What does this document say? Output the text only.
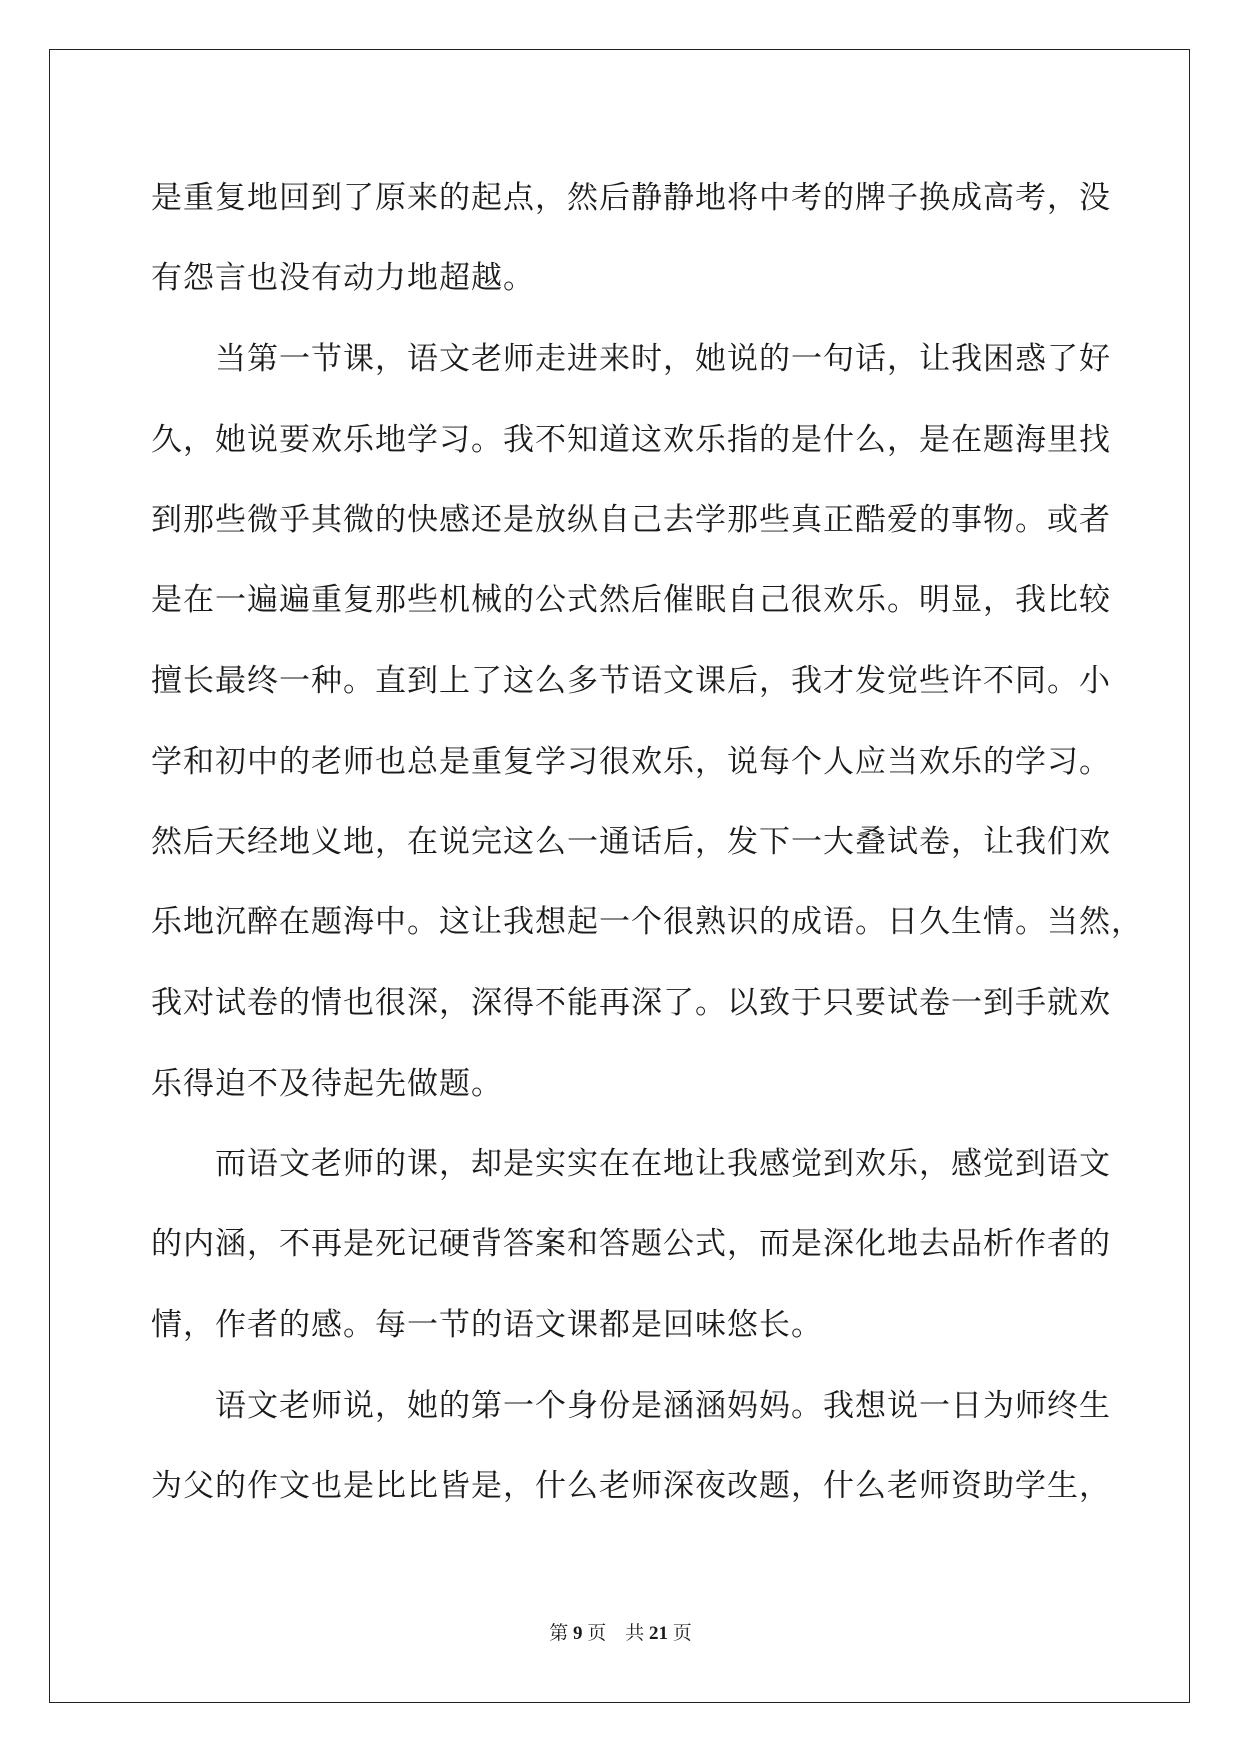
是重复地回到了原来的起点，然后静静地将中考的牌子换成高考，没

有怨言也没有动力地超越。

　　当第一节课，语文老师走进来时，她说的一句话，让我困惑了好

久，她说要欢乐地学习。我不知道这欢乐指的是什么，是在题海里找

到那些微乎其微的快感还是放纵自己去学那些真正酷爱的事物。或者

是在一遍遍重复那些机械的公式然后催眠自己很欢乐。明显，我比较

擅长最终一种。直到上了这么多节语文课后，我才发觉些许不同。小

学和初中的老师也总是重复学习很欢乐，说每个人应当欢乐的学习。

然后天经地义地，在说完这么一通话后，发下一大叠试卷，让我们欢

乐地沉醉在题海中。这让我想起一个很熟识的成语。日久生情。当然，

我对试卷的情也很深，深得不能再深了。以致于只要试卷一到手就欢

乐得迫不及待起先做题。

　　而语文老师的课，却是实实在在地让我感觉到欢乐，感觉到语文

的内涵，不再是死记硬背答案和答题公式，而是深化地去品析作者的

情，作者的感。每一节的语文课都是回味悠长。

　　语文老师说，她的第一个身份是涵涵妈妈。我想说一日为师终生

为父的作文也是比比皆是，什么老师深夜改题，什么老师资助学生，

第 9 页　共 21 页
